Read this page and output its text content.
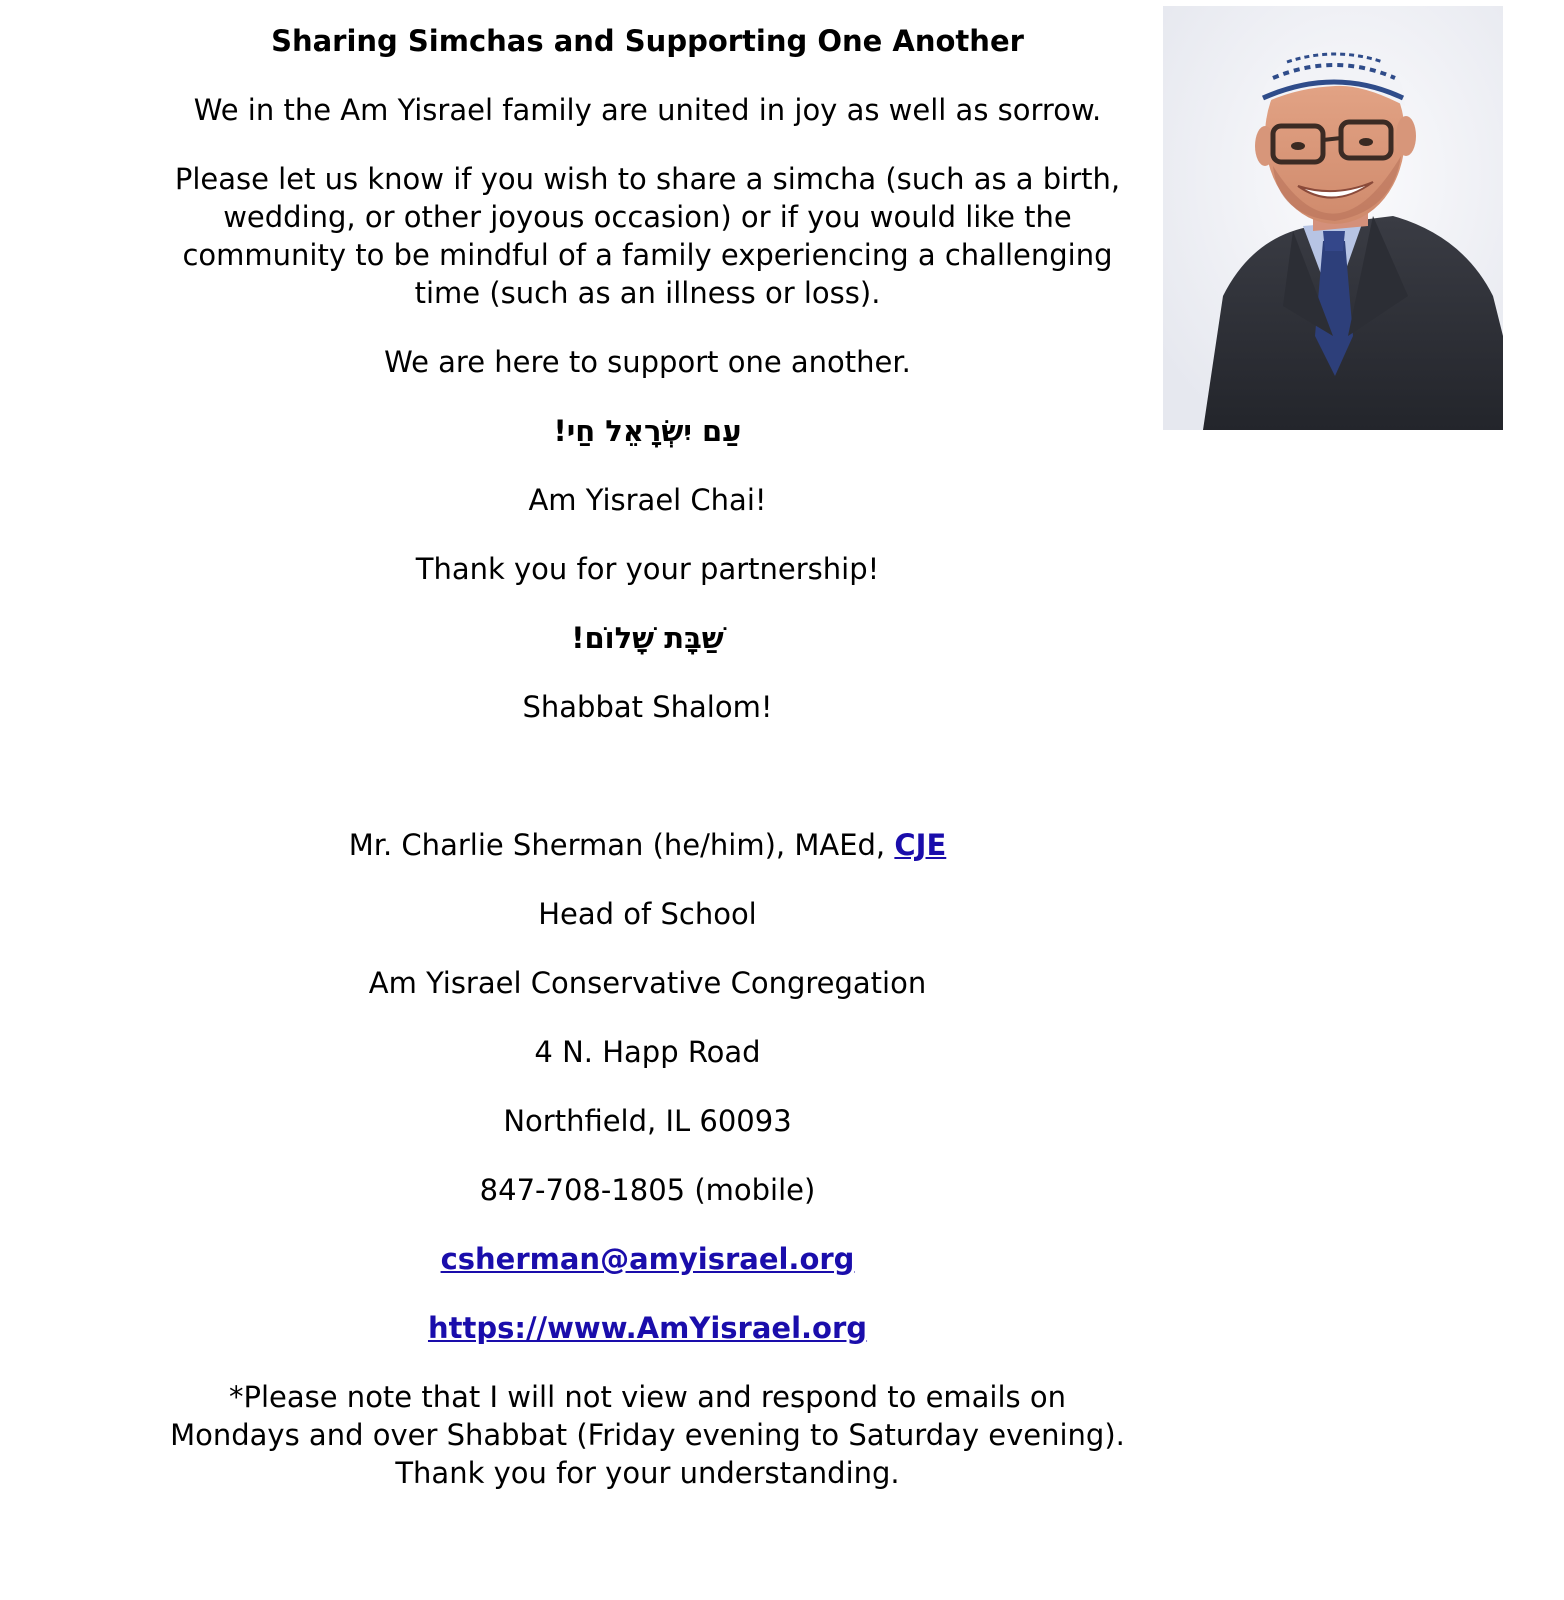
Sharing Simchas and Supporting One Another

We in the Am Yisrael family are united in joy as well as sorrow.

Please let us know if you wish to share a simcha (such as a birth, wedding, or other joyous occasion) or if you would like the community to be mindful of a family experiencing a challenging time (such as an illness or loss).

We are here to support one another.

עַם יִשְׂרָאֵל חַי!

Am Yisrael Chai!

Thank you for your partnership!

שַׁבָּת שָׁלוֹם!

Shabbat Shalom!

Mr. Charlie Sherman (he/him), MAEd, CJE

Head of School

Am Yisrael Conservative Congregation

4 N. Happ Road

Northfield, IL 60093

847-708-1805 (mobile)

csherman@amyisrael.org

https://www.AmYisrael.org

*Please note that I will not view and respond to emails on Mondays and over Shabbat (Friday evening to Saturday evening). Thank you for your understanding.
